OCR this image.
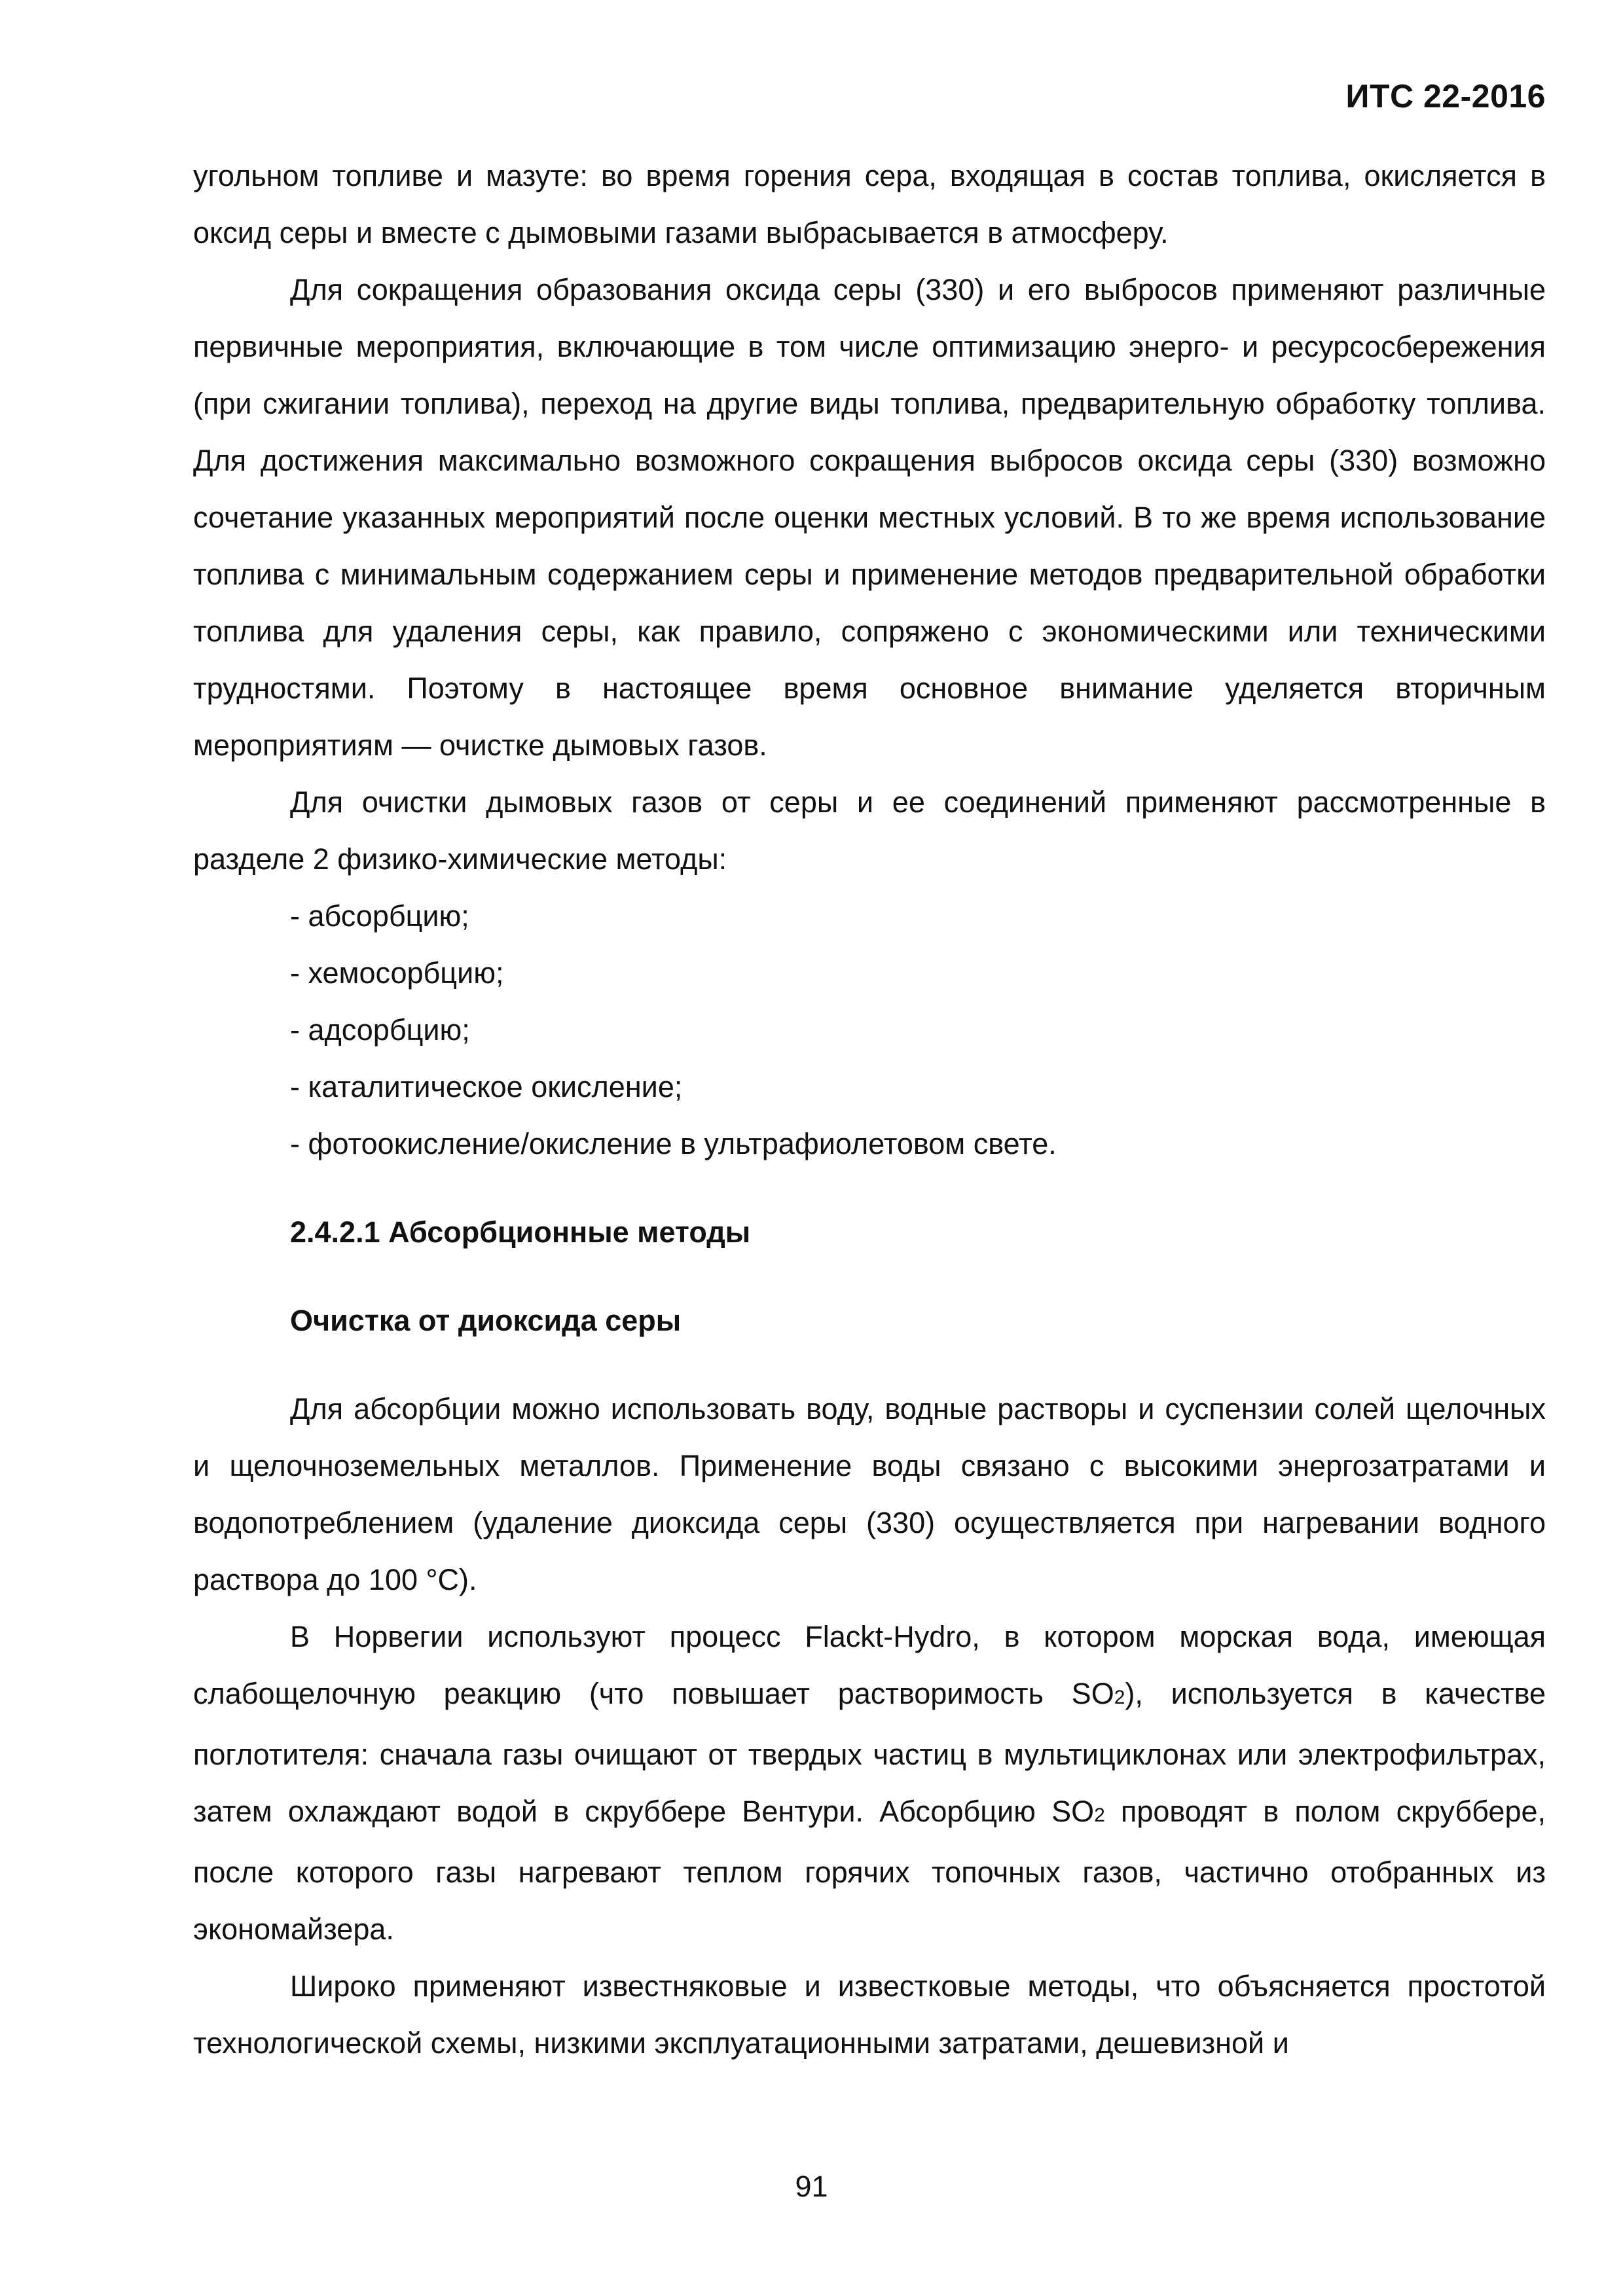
ИТС 22-2016

угольном топливе и мазуте: во время горения сера, входящая в состав топлива, окисляется в оксид серы и вместе с дымовыми газами выбрасывается в атмосферу.

Для сокращения образования оксида серы (330) и его выбросов применяют различные первичные мероприятия, включающие в том числе оптимизацию энерго- и ресурсосбережения (при сжигании топлива), переход на другие виды топлива, предварительную обработку топлива. Для достижения максимально возможного сокращения выбросов оксида серы (330) возможно сочетание указанных мероприятий после оценки местных условий. В то же время использование топлива с минимальным содержанием серы и применение методов предварительной обработки топлива для удаления серы, как правило, сопряжено с экономическими или техническими трудностями. Поэтому в настоящее время основное внимание уделяется вторичным мероприятиям — очистке дымовых газов.

Для очистки дымовых газов от серы и ее соединений применяют рассмотренные в разделе 2 физико-химические методы:

- абсорбцию;
- хемосорбцию;
- адсорбцию;
- каталитическое окисление;
- фотоокисление/окисление в ультрафиолетовом свете.
2.4.2.1 Абсорбционные методы
Очистка от диоксида серы

Для абсорбции можно использовать воду, водные растворы и суспензии солей щелочных и щелочноземельных металлов. Применение воды связано с высокими энергозатратами и водопотреблением (удаление диоксида серы (330) осуществляется при нагревании водного раствора до 100 °С).

В Норвегии используют процесс Flackt-Hydro, в котором морская вода, имеющая слабощелочную реакцию (что повышает растворимость SO2), используется в качестве поглотителя: сначала газы очищают от твердых частиц в мультициклонах или электрофильтрах, затем охлаждают водой в скруббере Вентури. Абсорбцию SO2 проводят в полом скруббере, после которого газы нагревают теплом горячих топочных газов, частично отобранных из экономайзера.

Широко применяют известняковые и известковые методы, что объясняется простотой технологической схемы, низкими эксплуатационными затратами, дешевизной и

91
